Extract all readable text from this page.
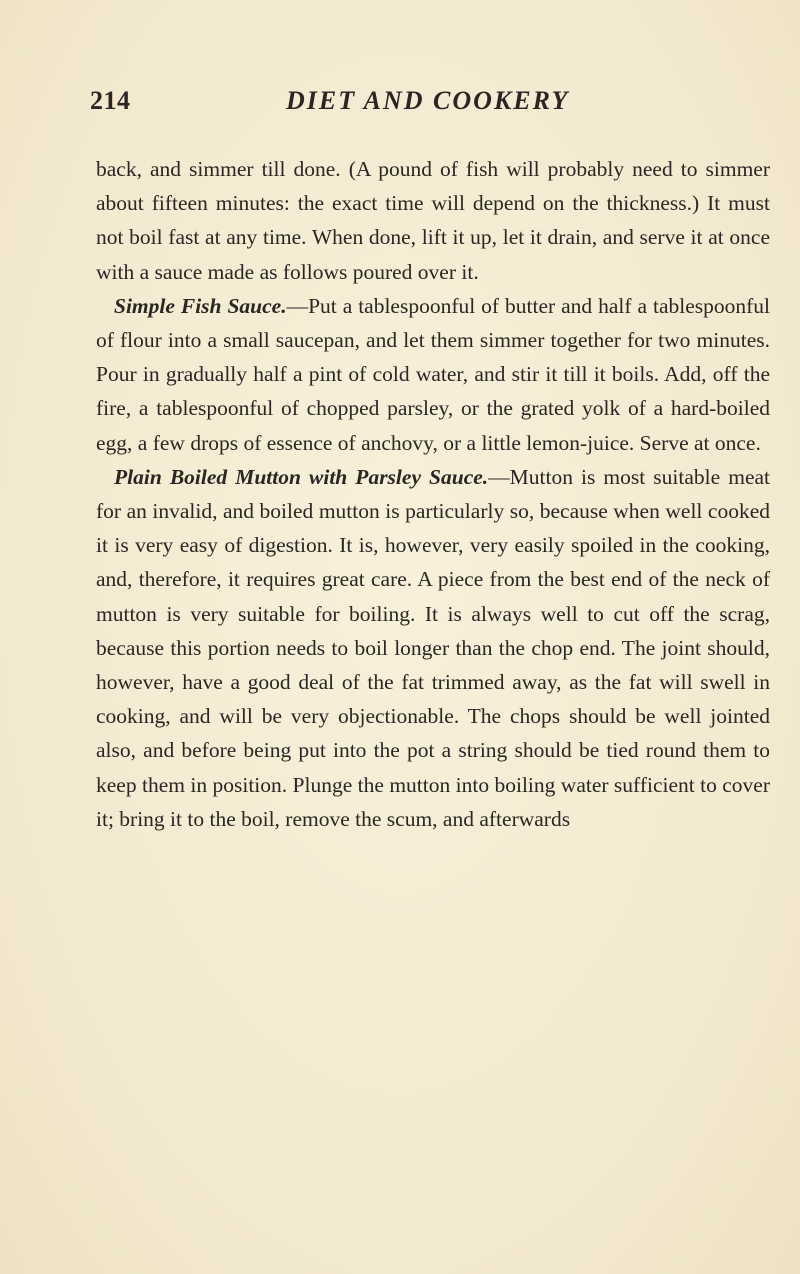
214	DIET AND COOKERY

back, and simmer till done. (A pound of fish will probably need to simmer about fifteen minutes: the exact time will depend on the thickness.) It must not boil fast at any time. When done, lift it up, let it drain, and serve it at once with a sauce made as follows poured over it.

Simple Fish Sauce.—Put a tablespoonful of butter and half a tablespoonful of flour into a small saucepan, and let them simmer together for two minutes. Pour in gradually half a pint of cold water, and stir it till it boils. Add, off the fire, a tablespoonful of chopped parsley, or the grated yolk of a hard-boiled egg, a few drops of essence of anchovy, or a little lemon-juice. Serve at once.

Plain Boiled Mutton with Parsley Sauce.—Mutton is most suitable meat for an invalid, and boiled mutton is particularly so, because when well cooked it is very easy of digestion. It is, however, very easily spoiled in the cooking, and, therefore, it requires great care. A piece from the best end of the neck of mutton is very suitable for boiling. It is always well to cut off the scrag, because this portion needs to boil longer than the chop end. The joint should, however, have a good deal of the fat trimmed away, as the fat will swell in cooking, and will be very objectionable. The chops should be well jointed also, and before being put into the pot a string should be tied round them to keep them in position. Plunge the mutton into boiling water sufficient to cover it; bring it to the boil, remove the scum, and afterwards
